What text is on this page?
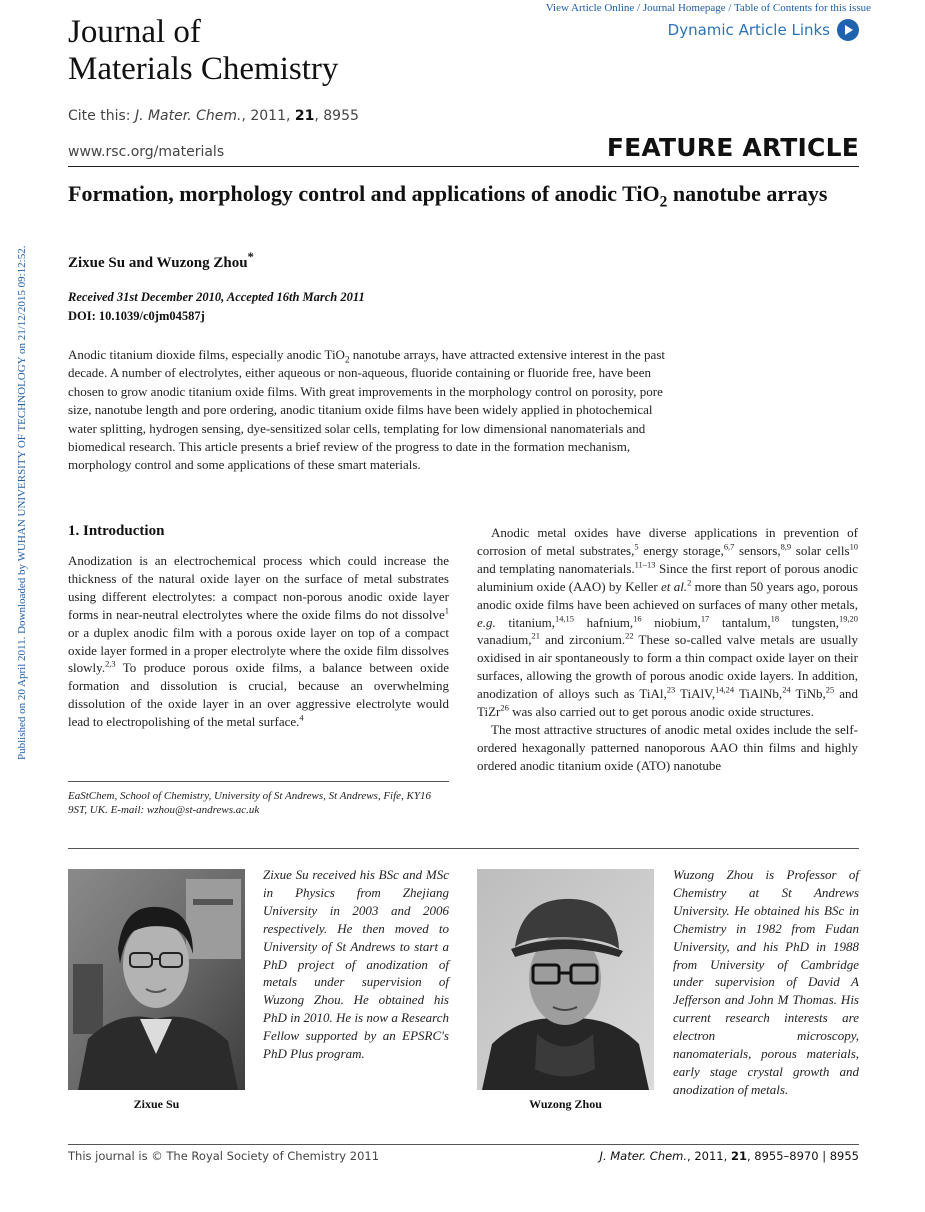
View Article Online / Journal Homepage / Table of Contents for this issue
Journal of
Materials Chemistry
Dynamic Article Links
Cite this: J. Mater. Chem., 2011, 21, 8955
www.rsc.org/materials	FEATURE ARTICLE
Published on 20 April 2011. Downloaded by WUHAN UNIVERSITY OF TECHNOLOGY on 21/12/2015 09:12:52.
Formation, morphology control and applications of anodic TiO$_2$ nanotube arrays
Zixue Su and Wuzong Zhou*
Received 31st December 2010, Accepted 16th March 2011
DOI: 10.1039/c0jm04587j

Anodic titanium dioxide films, especially anodic TiO$_2$ nanotube arrays, have attracted extensive interest in the past decade. A number of electrolytes, either aqueous or non-aqueous, fluoride containing or fluoride free, have been chosen to grow anodic titanium oxide films. With great improvements in the morphology control on porosity, pore size, nanotube length and pore ordering, anodic titanium oxide films have been widely applied in photochemical water splitting, hydrogen sensing, dye-sensitized solar cells, templating for low dimensional nanomaterials and biomedical research. This article presents a brief review of the progress to date in the formation mechanism, morphology control and some applications of these smart materials.

1. Introduction

Anodization is an electrochemical process which could increase the thickness of the natural oxide layer on the surface of metal substrates using different electrolytes: a compact non-porous anodic oxide layer forms in near-neutral electrolytes where the oxide films do not dissolve$^1$ or a duplex anodic film with a porous oxide layer on top of a compact oxide layer formed in a proper electrolyte where the oxide film dissolves slowly.$^{2,3}$ To produce porous oxide films, a balance between oxide formation and dissolution is crucial, because an overwhelming dissolution of the oxide layer in an over aggressive electrolyte would lead to electropolishing of the metal surface.$^4$

EaStChem, School of Chemistry, University of St Andrews, St Andrews, Fife, KY16 9ST, UK. E-mail: wzhou@st-andrews.ac.uk

Anodic metal oxides have diverse applications in prevention of corrosion of metal substrates,$^5$ energy storage,$^{6,7}$ sensors,$^{8,9}$ solar cells$^{10}$ and templating nanomaterials.$^{11-13}$ Since the first report of porous anodic aluminium oxide (AAO) by Keller et al.$^2$ more than 50 years ago, porous anodic oxide films have been achieved on surfaces of many other metals, e.g. titanium,$^{14,15}$ hafnium,$^{16}$ niobium,$^{17}$ tantalum,$^{18}$ tungsten,$^{19,20}$ vanadium,$^{21}$ and zirconium.$^{22}$ These so-called valve metals are usually oxidised in air spontaneously to form a thin compact oxide layer on their surfaces, allowing the growth of porous anodic oxide layers. In addition, anodization of alloys such as TiAl,$^{23}$ TiAlV,$^{14,24}$ TiAlNb,$^{24}$ TiNb,$^{25}$ and TiZr$^{26}$ was also carried out to get porous anodic oxide structures.

The most attractive structures of anodic metal oxides include the self-ordered hexagonally patterned nanoporous AAO thin films and highly ordered anodic titanium oxide (ATO) nanotube

Zixue Su

Zixue Su received his BSc and MSc in Physics from Zhejiang University in 2003 and 2006 respectively. He then moved to University of St Andrews to start a PhD project of anodization of metals under supervision of Wuzong Zhou. He obtained his PhD in 2010. He is now a Research Fellow supported by an EPSRC's PhD Plus program.

Wuzong Zhou

Wuzong Zhou is Professor of Chemistry at St Andrews University. He obtained his BSc in Chemistry in 1982 from Fudan University, and his PhD in 1988 from University of Cambridge under supervision of David A Jefferson and John M Thomas. His current research interests are electron microscopy, nanomaterials, porous materials, early stage crystal growth and anodization of metals.

This journal is © The Royal Society of Chemistry 2011	J. Mater. Chem., 2011, 21, 8955–8970 | 8955
